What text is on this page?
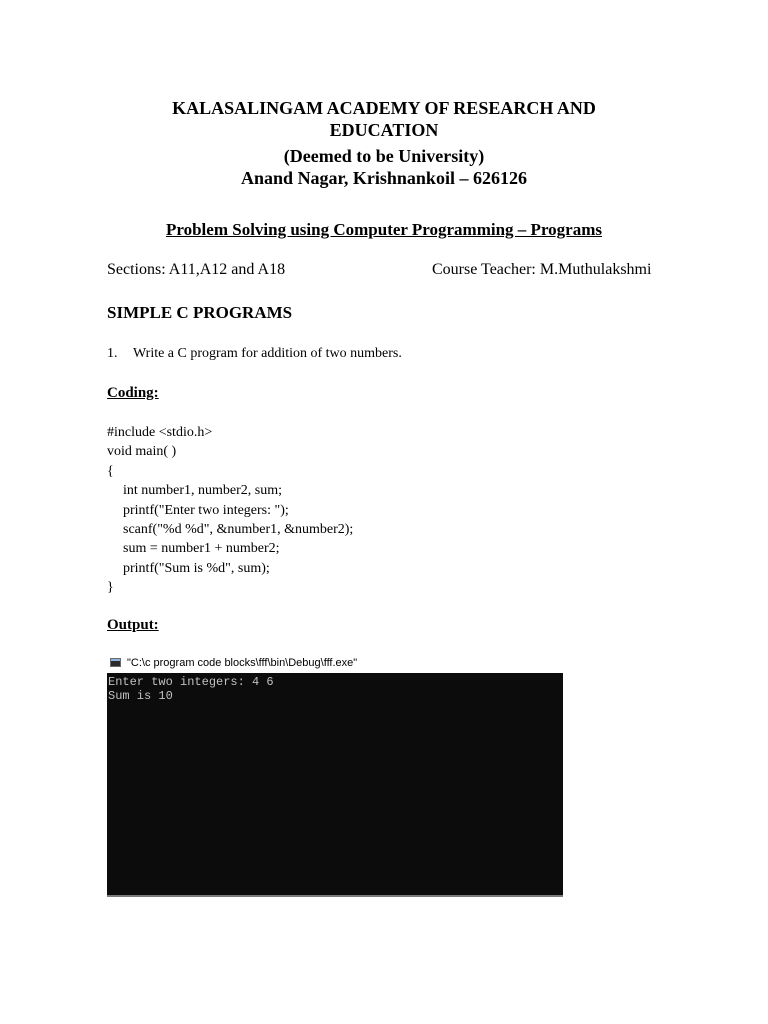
KALASALINGAM ACADEMY OF RESEARCH AND
EDUCATION
(Deemed to be University)
Anand Nagar, Krishnankoil – 626126
Problem Solving using Computer Programming – Programs
Sections: A11,A12 and A18	Course Teacher: M.Muthulakshmi
SIMPLE C PROGRAMS
1. Write a C program for addition of two numbers.
Coding:
#include <stdio.h>
void main( )
{
int number1, number2, sum;
printf("Enter two integers: ");
scanf("%d %d", &number1, &number2);
sum = number1 + number2;
printf("Sum is %d", sum);
}
Output:
"C:\c program code blocks\fff\bin\Debug\fff.exe"
Enter two integers: 4 6
Sum is 10
